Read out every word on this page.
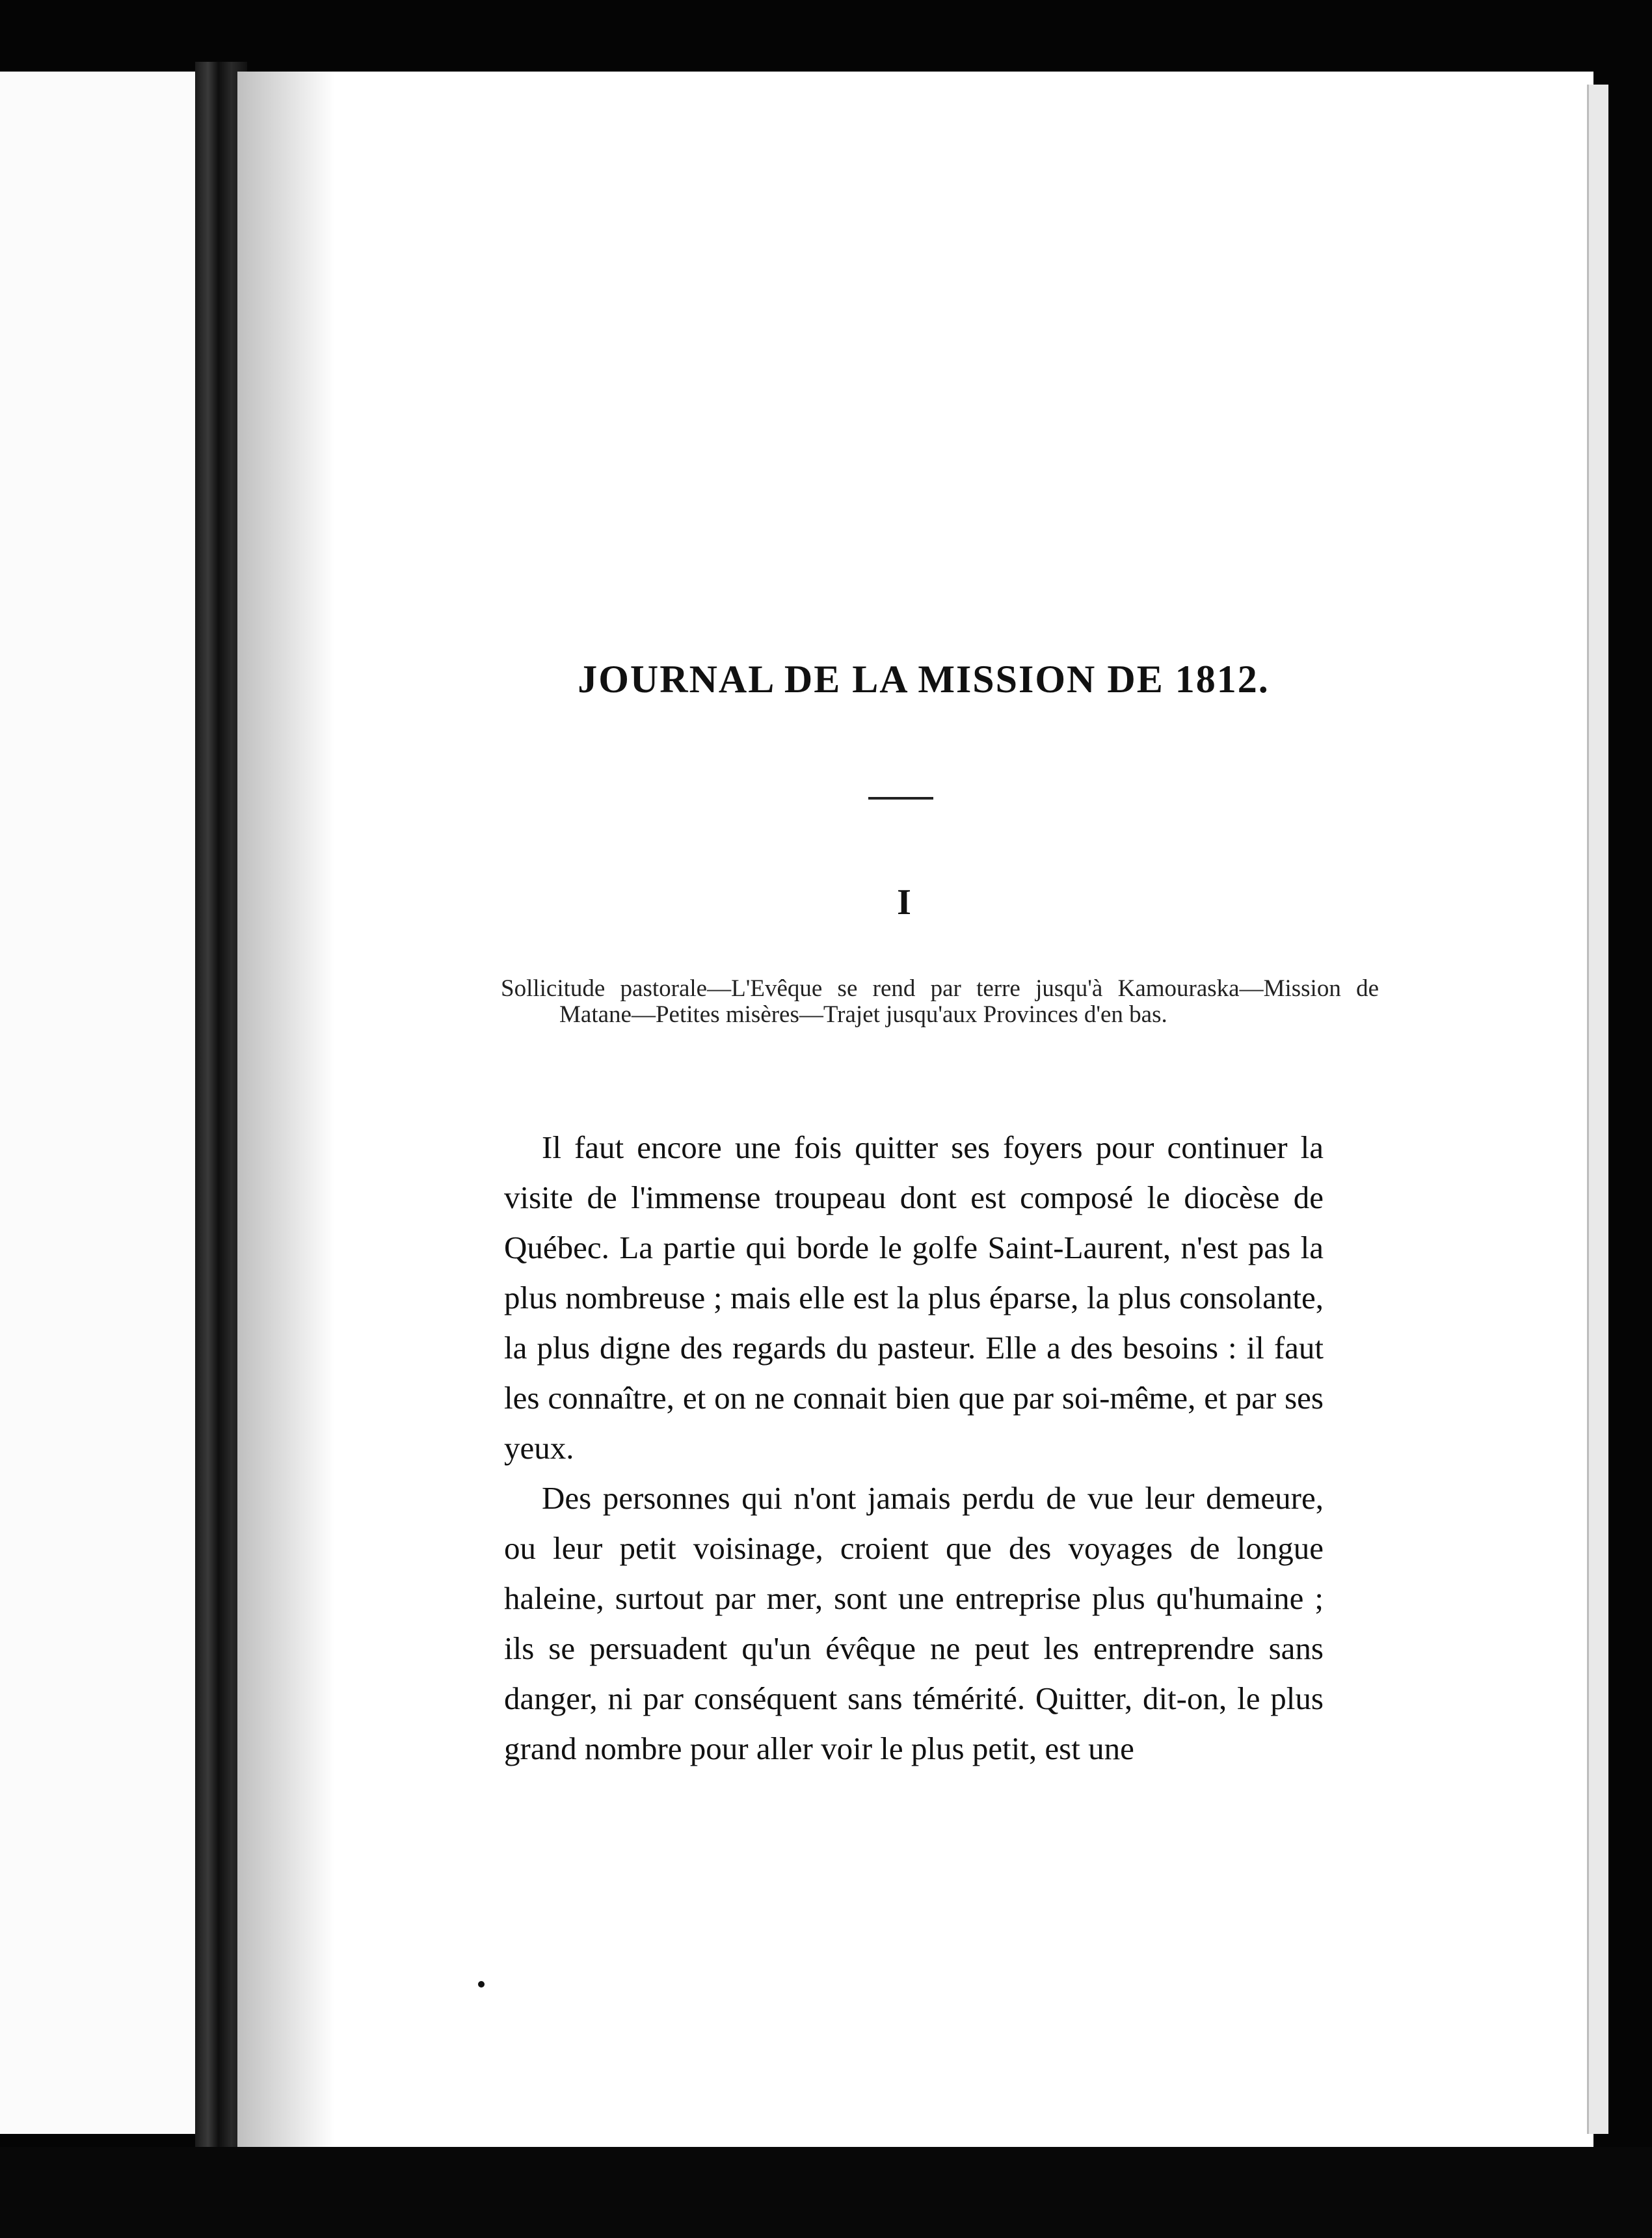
JOURNAL DE LA MISSION DE 1812.
I

Sollicitude pastorale—L'Evêque se rend par terre jusqu'à Kamouraska—Mission de Matane—Petites misères—Trajet jusqu'aux Provinces d'en bas.

Il faut encore une fois quitter ses foyers pour continuer la visite de l'immense troupeau dont est composé le diocèse de Québec. La partie qui borde le golfe Saint-Laurent, n'est pas la plus nombreuse ; mais elle est la plus éparse, la plus consolante, la plus digne des regards du pasteur. Elle a des besoins : il faut les connaître, et on ne connait bien que par soi-même, et par ses yeux.

Des personnes qui n'ont jamais perdu de vue leur demeure, ou leur petit voisinage, croient que des voyages de longue haleine, surtout par mer, sont une entreprise plus qu'humaine ; ils se persuadent qu'un évêque ne peut les entreprendre sans danger, ni par conséquent sans témérité. Quitter, dit-on, le plus grand nombre pour aller voir le plus petit, est une
